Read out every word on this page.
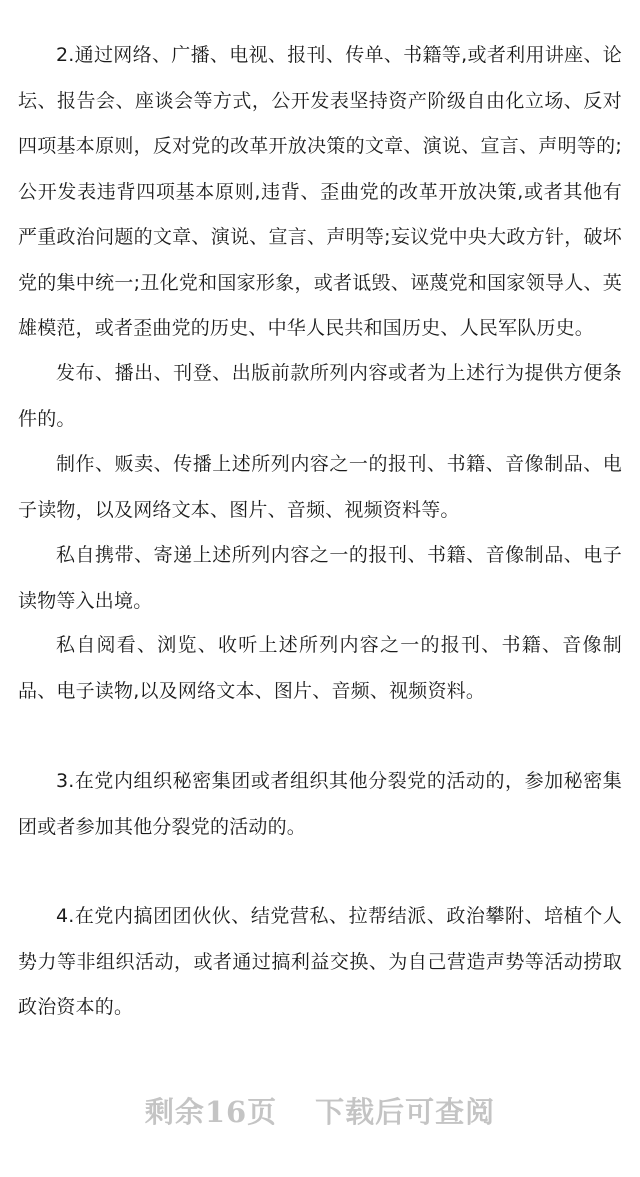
2.通过网络、广播、电视、报刊、传单、书籍等,或者利用讲座、论坛、报告会、座谈会等方式，公开发表坚持资产阶级自由化立场、反对四项基本原则，反对党的改革开放决策的文章、演说、宣言、声明等的;公开发表违背四项基本原则,违背、歪曲党的改革开放决策,或者其他有严重政治问题的文章、演说、宣言、声明等;妄议党中央大政方针，破坏党的集中统一;丑化党和国家形象，或者诋毁、诬蔑党和国家领导人、英雄模范，或者歪曲党的历史、中华人民共和国历史、人民军队历史。

发布、播出、刊登、出版前款所列内容或者为上述行为提供方便条件的。

制作、贩卖、传播上述所列内容之一的报刊、书籍、音像制品、电子读物，以及网络文本、图片、音频、视频资料等。

私自携带、寄递上述所列内容之一的报刊、书籍、音像制品、电子读物等入出境。

私自阅看、浏览、收听上述所列内容之一的报刊、书籍、音像制品、电子读物,以及网络文本、图片、音频、视频资料。

3.在党内组织秘密集团或者组织其他分裂党的活动的，参加秘密集团或者参加其他分裂党的活动的。

4.在党内搞团团伙伙、结党营私、拉帮结派、政治攀附、培植个人势力等非组织活动，或者通过搞利益交换、为自己营造声势等活动捞取政治资本的。

剩余16页 下载后可查阅
